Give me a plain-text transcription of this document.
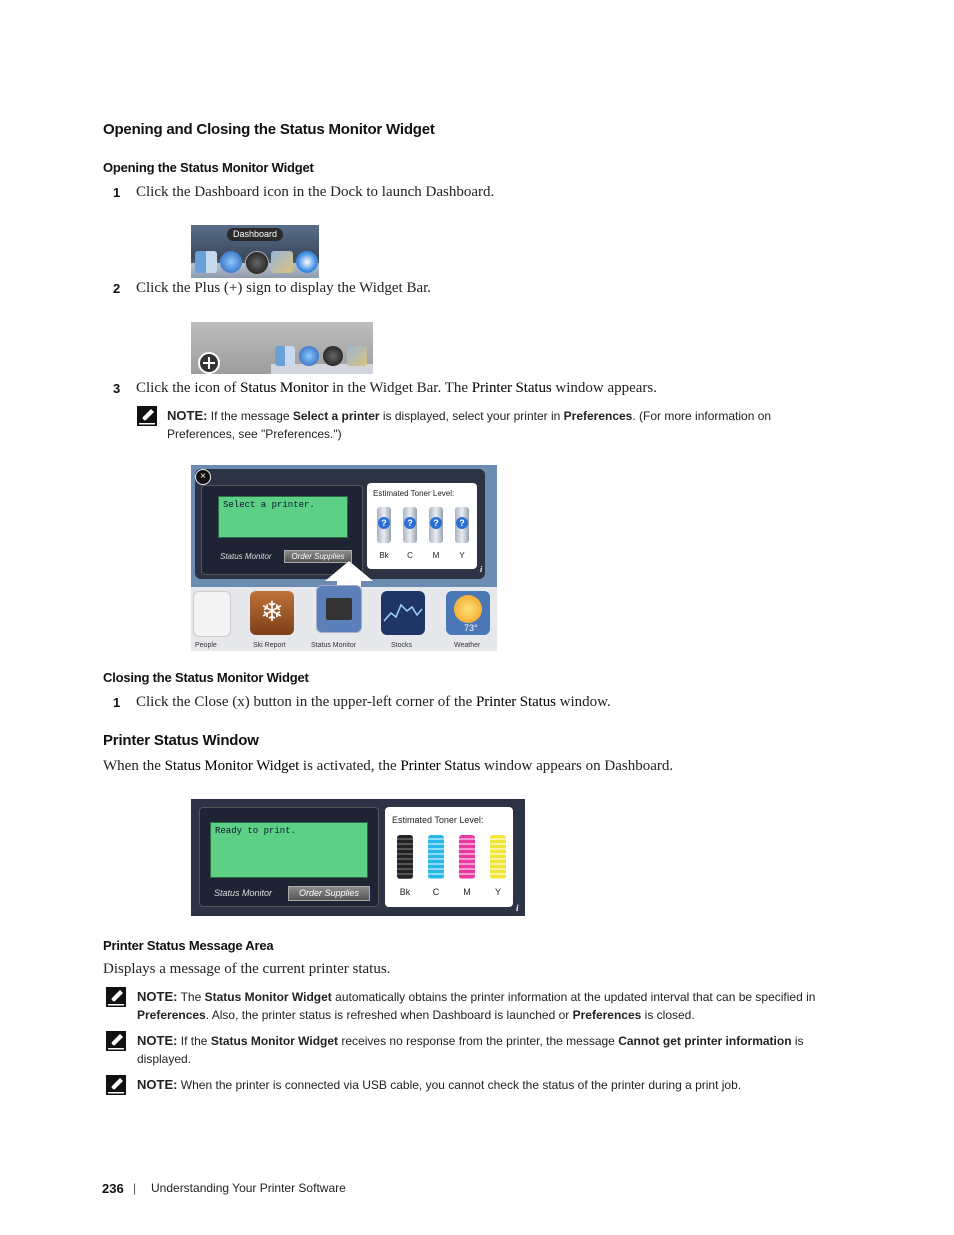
Opening and Closing the Status Monitor Widget
Opening the Status Monitor Widget
1 Click the Dashboard icon in the Dock to launch Dashboard.
Dashboard
2 Click the Plus (+) sign to display the Widget Bar.
3 Click the icon of Status Monitor in the Widget Bar. The Printer Status window appears.
NOTE: If the message Select a printer is displayed, select your printer in Preferences. (For more information on
Preferences, see "Preferences.")
×
Select a printer.
Status Monitor	Order Supplies
Estimated Toner Level:
?	?	?	?
Bk	C	M	Y
i
❄	73°
People	Ski Report	Status Monitor	Stocks	Weather
Closing the Status Monitor Widget
1 Click the Close (x) button in the upper-left corner of the Printer Status window.
Printer Status Window
When the Status Monitor Widget is activated, the Printer Status window appears on Dashboard.
Ready to print.
Status Monitor	Order Supplies
Estimated Toner Level:
Bk	C	M	Y
i
Printer Status Message Area
Displays a message of the current printer status.
NOTE: The Status Monitor Widget automatically obtains the printer information at the updated interval that can be specified in
Preferences. Also, the printer status is refreshed when Dashboard is launched or Preferences is closed.
NOTE: If the Status Monitor Widget receives no response from the printer, the message Cannot get printer information is
displayed.
NOTE: When the printer is connected via USB cable, you cannot check the status of the printer during a print job.
236 | Understanding Your Printer Software
